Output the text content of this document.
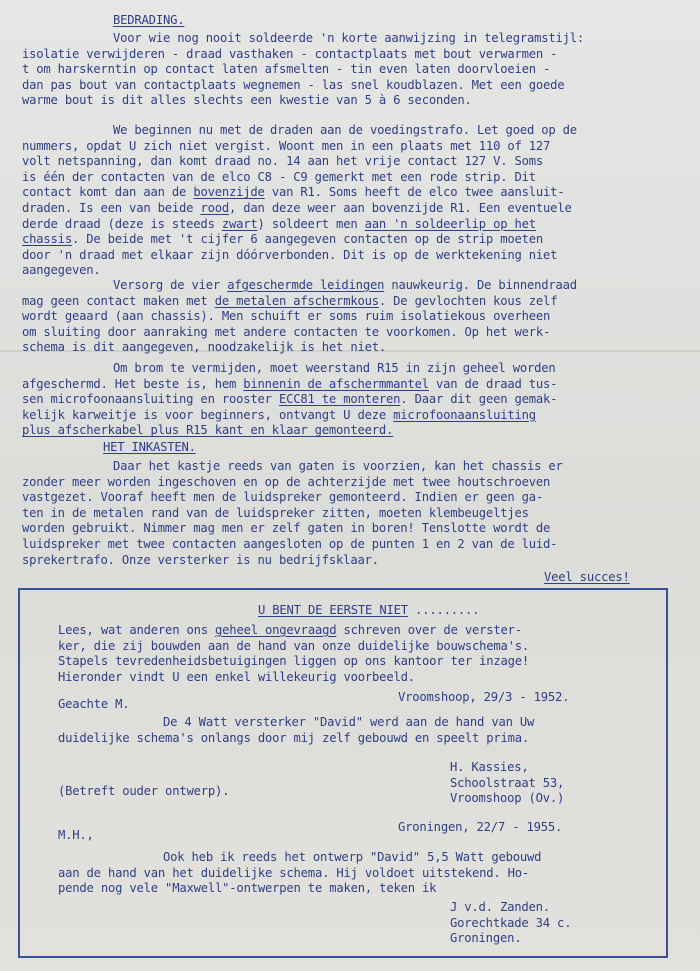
BEDRADING.
Voor wie nog nooit soldeerde 'n korte aanwijzing in telegramstijl:
isolatie verwijderen - draad vasthaken - contactplaats met bout verwarmen -
t om harskerntin op contact laten afsmelten - tin even laten doorvloeien -
dan pas bout van contactplaats wegnemen - las snel koudblazen. Met een goede
warme bout is dit alles slechts een kwestie van 5 à 6 seconden.
We beginnen nu met de draden aan de voedingstrafo. Let goed op de
nummers, opdat U zich niet vergist. Woont men in een plaats met 110 of 127
volt netspanning, dan komt draad no. 14 aan het vrije contact 127 V. Soms
is één der contacten van de elco C8 - C9 gemerkt met een rode strip. Dit
contact komt dan aan de bovenzijde van R1. Soms heeft de elco twee aansluit-
draden. Is een van beide rood, dan deze weer aan bovenzijde R1. Een eventuele
derde draad (deze is steeds zwart) soldeert men aan 'n soldeerlip op het
chassis. De beide met 't cijfer 6 aangegeven contacten op de strip moeten
door 'n draad met elkaar zijn dóórverbonden. Dit is op de werktekening niet
aangegeven.
Versorg de vier afgeschermde leidingen nauwkeurig. De binnendraad
mag geen contact maken met de metalen afschermkous. De gevlochten kous zelf
wordt geaard (aan chassis). Men schuift er soms ruim isolatiekous overheen
om sluiting door aanraking met andere contacten te voorkomen. Op het werk-
schema is dit aangegeven, noodzakelijk is het niet.
Om brom te vermijden, moet weerstand R15 in zijn geheel worden
afgeschermd. Het beste is, hem binnenin de afschermmantel van de draad tus-
sen microfoonaansluiting en rooster ECC81 te monteren. Daar dit geen gemak-
kelijk karweitje is voor beginners, ontvangt U deze microfoonaansluiting
plus afscherkabel plus R15 kant en klaar gemonteerd.
HET INKASTEN.
Daar het kastje reeds van gaten is voorzien, kan het chassis er
zonder meer worden ingeschoven en op de achterzijde met twee houtschroeven
vastgezet. Vooraf heeft men de luidspreker gemonteerd. Indien er geen ga-
ten in de metalen rand van de luidspreker zitten, moeten klembeugeltjes
worden gebruikt. Nimmer mag men er zelf gaten in boren! Tenslotte wordt de
luidspreker met twee contacten aangesloten op de punten 1 en 2 van de luid-
sprekertrafo. Onze versterker is nu bedrijfsklaar.
Veel succes!
U BENT DE EERSTE NIET .........
Lees, wat anderen ons geheel ongevraagd schreven over de verster-
ker, die zij bouwden aan de hand van onze duidelijke bouwschema's.
Stapels tevredenheidsbetuigingen liggen op ons kantoor ter inzage!
Hieronder vindt U een enkel willekeurig voorbeeld.
Vroomshoop, 29/3 - 1952.
Geachte M.
De 4 Watt versterker "David" werd aan de hand van Uw
duidelijke schema's onlangs door mij zelf gebouwd en speelt prima.
H. Kassies,
Schoolstraat 53,
Vroomshoop (Ov.)
(Betreft ouder ontwerp).
Groningen, 22/7 - 1955.
M.H.,
Ook heb ik reeds het ontwerp "David" 5,5 Watt gebouwd
aan de hand van het duidelijke schema. Hij voldoet uitstekend. Ho-
pende nog vele "Maxwell"-ontwerpen te maken, teken ik
J v.d. Zanden.
Gorechtkade 34 c.
Groningen.
